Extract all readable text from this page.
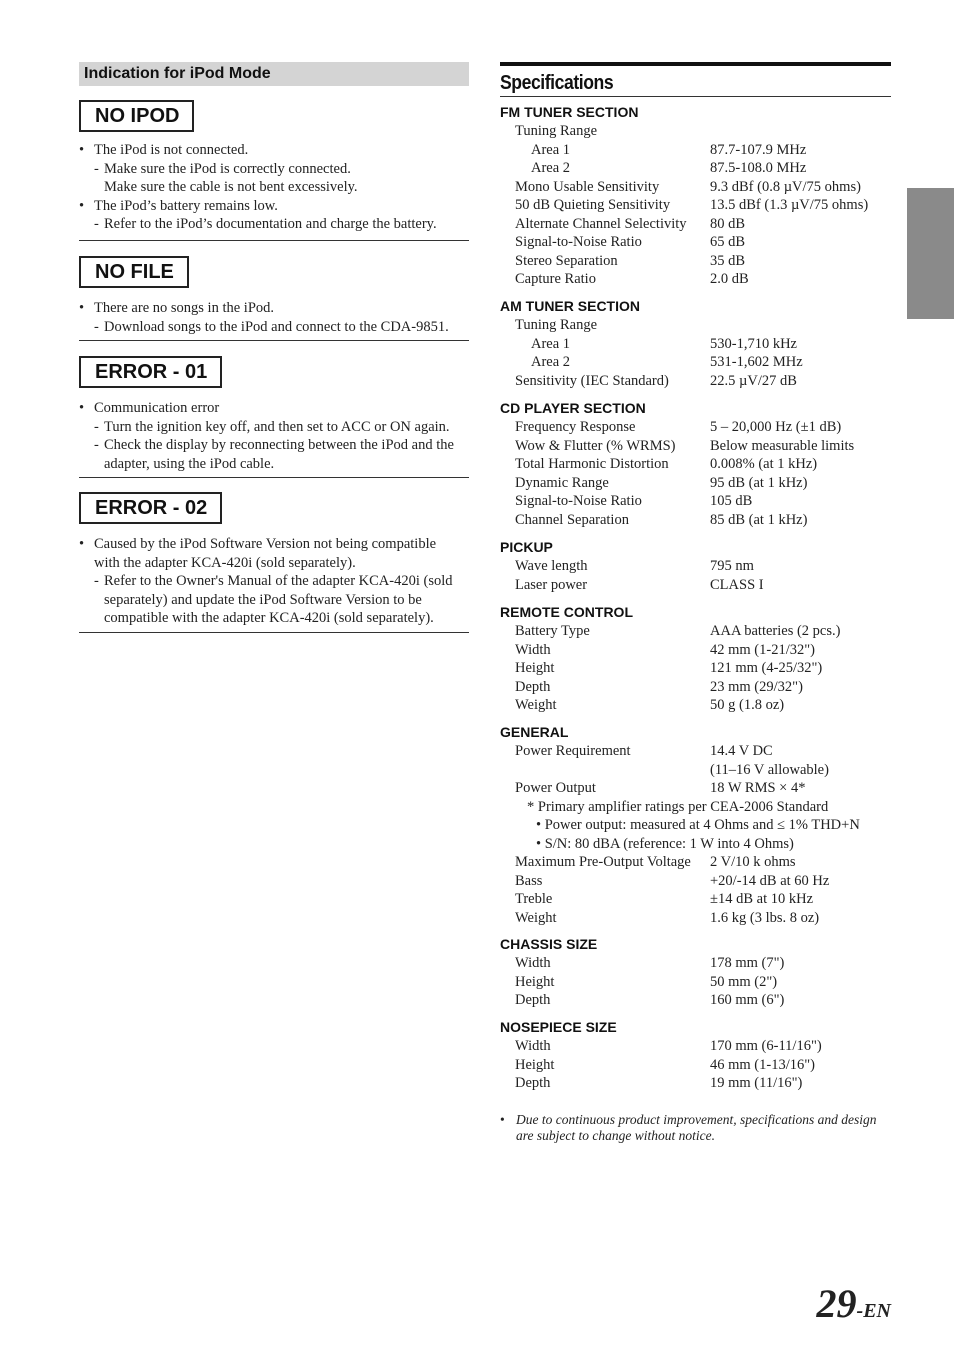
Indication for iPod Mode
NO IPOD
• The iPod is not connected.
- Make sure the iPod is correctly connected.
Make sure the cable is not bent excessively.
• The iPod’s battery remains low.
- Refer to the iPod’s documentation and charge the battery.
NO FILE
• There are no songs in the iPod.
- Download songs to the iPod and connect to the CDA-9851.
ERROR - 01
• Communication error
- Turn the ignition key off, and then set to ACC or ON again.
- Check the display by reconnecting between the iPod and the
adapter, using the iPod cable.
ERROR - 02
• Caused by the iPod Software Version not being compatible
with the adapter KCA-420i (sold separately).
- Refer to the Owner's Manual of the adapter KCA-420i (sold
separately) and update the iPod Software Version to be
compatible with the adapter KCA-420i (sold separately).
Specifications
FM TUNER SECTION
Tuning Range
Area 1	87.7-107.9 MHz
Area 2	87.5-108.0 MHz
Mono Usable Sensitivity	9.3 dBf (0.8 µV/75 ohms)
50 dB Quieting Sensitivity	13.5 dBf (1.3 µV/75 ohms)
Alternate Channel Selectivity 80 dB
Signal-to-Noise Ratio	65 dB
Stereo Separation	35 dB
Capture Ratio	2.0 dB
AM TUNER SECTION
Tuning Range
Area 1	530-1,710 kHz
Area 2	531-1,602 MHz
Sensitivity (IEC Standard)	22.5 µV/27 dB
CD PLAYER SECTION
Frequency Response	5 – 20,000 Hz (±1 dB)
Wow & Flutter (% WRMS) Below measurable limits
Total Harmonic Distortion	0.008% (at 1 kHz)
Dynamic Range	95 dB (at 1 kHz)
Signal-to-Noise Ratio	105 dB
Channel Separation	85 dB (at 1 kHz)
PICKUP
Wave length	795 nm
Laser power	CLASS I
REMOTE CONTROL
Battery Type	AAA batteries (2 pcs.)
Width	42 mm (1-21/32")
Height	121 mm (4-25/32")
Depth	23 mm (29/32")
Weight	50 g (1.8 oz)
GENERAL
Power Requirement	14.4 V DC
(11–16 V allowable)
Power Output	18 W RMS × 4*
* Primary amplifier ratings per CEA-2006 Standard
• Power output: measured at 4 Ohms and ≤ 1% THD+N
• S/N: 80 dBA (reference: 1 W into 4 Ohms)
Maximum Pre-Output Voltage 2 V/10 k ohms
Bass	+20/-14 dB at 60 Hz
Treble	±14 dB at 10 kHz
Weight	1.6 kg (3 lbs. 8 oz)
CHASSIS SIZE
Width	178 mm (7")
Height	50 mm (2")
Depth	160 mm (6")
NOSEPIECE SIZE
Width	170 mm (6-11/16")
Height	46 mm (1-13/16")
Depth	19 mm (11/16")
• Due to continuous product improvement, specifications and design
are subject to change without notice.
29-EN
